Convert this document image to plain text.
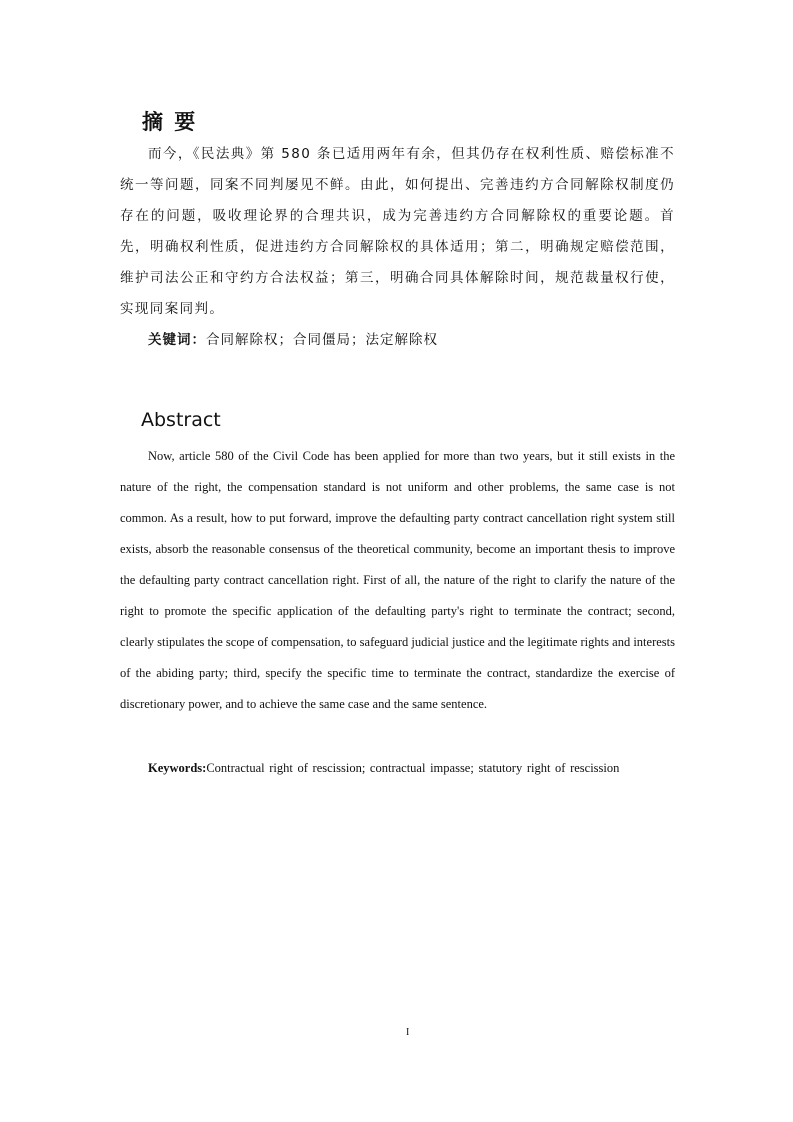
摘 要

而今，《民法典》第 580 条已适用两年有余，但其仍存在权利性质、赔偿标准不统一等问题，同案不同判屡见不鲜。由此，如何提出、完善违约方合同解除权制度仍存在的问题，吸收理论界的合理共识，成为完善违约方合同解除权的重要论题。首先，明确权利性质，促进违约方合同解除权的具体适用；第二，明确规定赔偿范围，维护司法公正和守约方合法权益；第三，明确合同具体解除时间，规范裁量权行使，实现同案同判。

关键词：合同解除权；合同僵局；法定解除权

Abstract

Now, article 580 of the Civil Code has been applied for more than two years, but it still exists in the nature of the right, the compensation standard is not uniform and other problems, the same case is not common. As a result, how to put forward, improve the defaulting party contract cancellation right system still exists, absorb the reasonable consensus of the theoretical community, become an important thesis to improve the defaulting party contract cancellation right. First of all, the nature of the right to clarify the nature of the right to promote the specific application of the defaulting party's right to terminate the contract; second, clearly stipulates the scope of compensation, to safeguard judicial justice and the legitimate rights and interests of the abiding party; third, specify the specific time to terminate the contract, standardize the exercise of discretionary power, and to achieve the same case and the same sentence.

Keywords:Contractual right of rescission; contractual impasse; statutory right of rescission

I
